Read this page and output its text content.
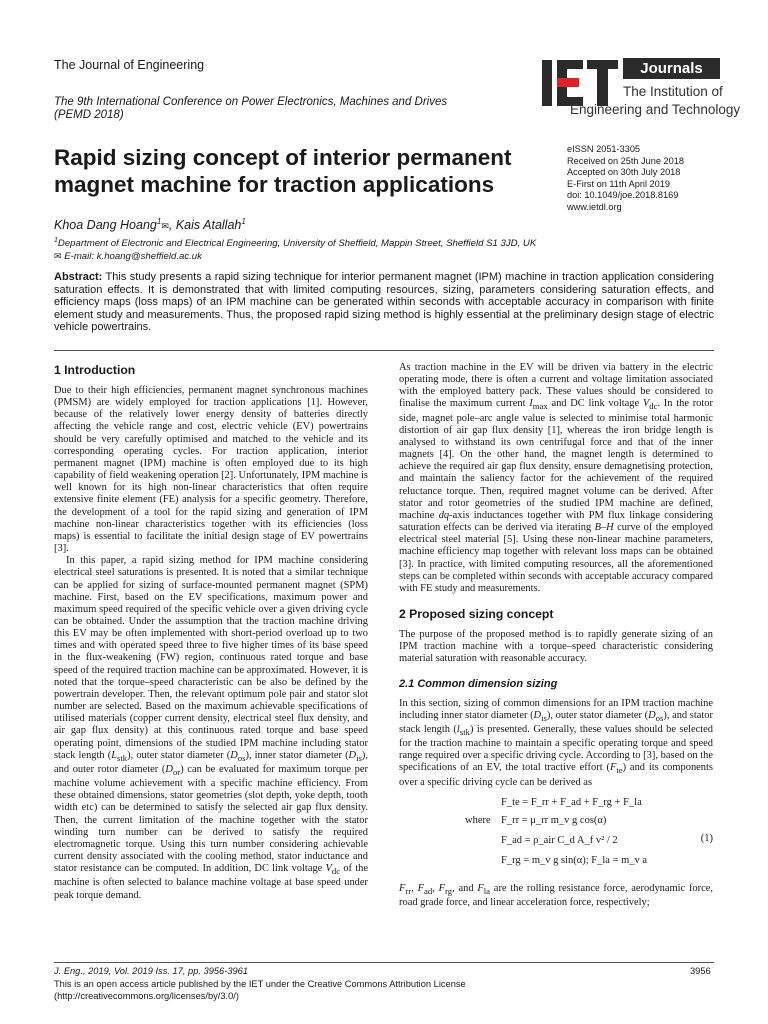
The Journal of Engineering
The 9th International Conference on Power Electronics, Machines and Drives (PEMD 2018)
Journals
The Institution of
Engineering and Technology
Rapid sizing concept of interior permanent magnet machine for traction applications
eISSN 2051-3305
Received on 25th June 2018
Accepted on 30th July 2018
E-First on 11th April 2019
doi: 10.1049/joe.2018.8169
www.ietdl.org
Khoa Dang Hoang$^1$✉, Kais Atallah$^1$
$^1$Department of Electronic and Electrical Engineering, University of Sheffield, Mappin Street, Sheffield S1 3JD, UK
✉ E-mail: k.hoang@sheffield.ac.uk

Abstract: This study presents a rapid sizing technique for interior permanent magnet (IPM) machine in traction application considering saturation effects. It is demonstrated that with limited computing resources, sizing, parameters considering saturation effects, and efficiency maps (loss maps) of an IPM machine can be generated within seconds with acceptable accuracy in comparison with finite element study and measurements. Thus, the proposed rapid sizing method is highly essential at the preliminary design stage of electric vehicle powertrains.

1 Introduction

Due to their high efficiencies, permanent magnet synchronous machines (PMSM) are widely employed for traction applications [1]. However, because of the relatively lower energy density of batteries directly affecting the vehicle range and cost, electric vehicle (EV) powertrains should be very carefully optimised and matched to the vehicle and its corresponding operating cycles. For traction application, interior permanent magnet (IPM) machine is often employed due to its high capability of field weakening operation [2]. Unfortunately, IPM machine is well known for its high non-linear characteristics that often require extensive finite element (FE) analysis for a specific geometry. Therefore, the development of a tool for the rapid sizing and generation of IPM machine non-linear characteristics together with its efficiencies (loss maps) is essential to facilitate the initial design stage of EV powertrains [3].

In this paper, a rapid sizing method for IPM machine considering electrical steel saturations is presented. It is noted that a similar technique can be applied for sizing of surface-mounted permanent magnet (SPM) machine. First, based on the EV specifications, maximum power and maximum speed required of the specific vehicle over a given driving cycle can be obtained. Under the assumption that the traction machine driving this EV may be often implemented with short-period overload up to two times and with operated speed three to five higher times of its base speed in the flux-weakening (FW) region, continuous rated torque and base speed of the required traction machine can be approximated. However, it is noted that the torque–speed characteristic can be also be defined by the powertrain developer. Then, the relevant optimum pole pair and stator slot number are selected. Based on the maximum achievable specifications of utilised materials (copper current density, electrical steel flux density, and air gap flux density) at this continuous rated torque and base speed operating point, dimensions of the studied IPM machine including stator stack length $(L_{stk})$, outer stator diameter $(D_{os})$, inner stator diameter $(D_{is})$, and outer rotor diameter $(D_{or})$ can be evaluated for maximum torque per machine volume achievement with a specific machine efficiency. From these obtained dimensions, stator geometries (slot depth, yoke depth, tooth width etc) can be determined to satisfy the selected air gap flux density. Then, the current limitation of the machine together with the stator winding turn number can be derived to satisfy the required electromagnetic torque. Using this turn number considering achievable current density associated with the cooling method, stator inductance and stator resistance can be computed. In addition, DC link voltage $V_{dc}$ of the machine is often selected to balance machine voltage at base speed under peak torque demand.

As traction machine in the EV will be driven via battery in the electric operating mode, there is often a current and voltage limitation associated with the employed battery pack. These values should be considered to finalise the maximum current $I_{max}$ and DC link voltage $V_{dc}$. In the rotor side, magnet pole–arc angle value is selected to minimise total harmonic distortion of air gap flux density [1], whereas the iron bridge length is analysed to withstand its own centrifugal force and that of the inner magnets [4]. On the other hand, the magnet length is determined to achieve the required air gap flux density, ensure demagnetising protection, and maintain the saliency factor for the achievement of the required reluctance torque. Then, required magnet volume can be derived. After stator and rotor geometries of the studied IPM machine are defined, machine dq-axis inductances together with PM flux linkage considering saturation effects can be derived via iterating B–H curve of the employed electrical steel material [5]. Using these non-linear machine parameters, machine efficiency map together with relevant loss maps can be obtained [3]. In practice, with limited computing resources, all the aforementioned steps can be completed within seconds with acceptable accuracy compared with FE study and measurements.

2 Proposed sizing concept

The purpose of the proposed method is to rapidly generate sizing of an IPM traction machine with a torque–speed characteristic considering material saturation with reasonable accuracy.

2.1 Common dimension sizing

In this section, sizing of common dimensions for an IPM traction machine including inner stator diameter $(D_{is})$, outer stator diameter $(D_{os})$, and stator stack length $(l_{stk})$ is presented. Generally, these values should be selected for the traction machine to maintain a specific operating torque and speed range required over a specific driving cycle. According to [3], based on the specifications of an EV, the total tractive effort $(F_{te})$ and its components over a specific driving cycle can be derived as

F_te = F_rr + F_ad + F_rg + F_la
where F_rr = μ_rr m_v g cos(α)
F_ad = ρ_air C_d A_f v² / 2
F_rg = m_v g sin(α); F_la = m_v a
(1)

$F_{rr}$, $F_{ad}$, $F_{rg}$, and $F_{la}$ are the rolling resistance force, aerodynamic force, road grade force, and linear acceleration force, respectively;

J. Eng., 2019, Vol. 2019 Iss. 17, pp. 3956-3961	3956
This is an open access article published by the IET under the Creative Commons Attribution License
(http://creativecommons.org/licenses/by/3.0/)
